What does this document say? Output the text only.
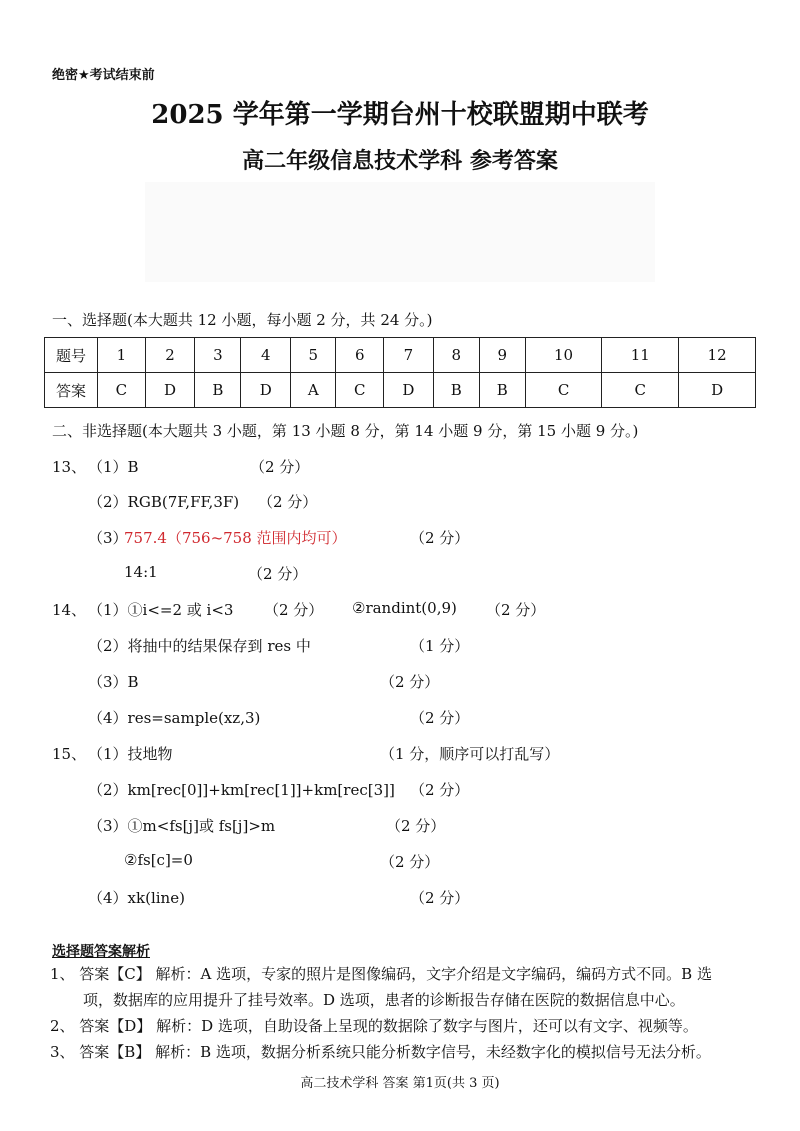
绝密★考试结束前
2025 学年第一学期台州十校联盟期中联考
高二年级信息技术学科 参考答案
一、选择题(本大题共 12 小题，每小题 2 分，共 24 分。)
题号	1	2	3	4	5	6	7	8	9	10	11	12
答案	C	D	B	D	A	C	D	B	B	C	C	D
二、非选择题(本大题共 3 小题，第 13 小题 8 分，第 14 小题 9 分，第 15 小题 9 分。)
13、 （1）B	（2 分）
（2）RGB(7F,FF,3F) （2 分）
（3）
757.4（756~758 范围内均可）	（2 分）
14:1	（2 分）
14、 （1）①i<=2 或 i<3 （2 分） ②randint(0,9) （2 分）
（2）将抽中的结果保存到 res 中	（1 分）
（3）B	（2 分）
（4）res=sample(xz,3)	（2 分）
15、 （1）技地物	（1 分，顺序可以打乱写）
（2）km[rec[0]]+km[rec[1]]+km[rec[3]] （2 分）
（3）①m<fs[j]或 fs[j]>m	（2 分）
②fs[c]=0	（2 分）
（4）xk(line)	（2 分）
选择题答案解析
1、 答案【C】 解析：A 选项，专家的照片是图像编码，文字介绍是文字编码，编码方式不同。B 选
项，数据库的应用提升了挂号效率。D 选项，患者的诊断报告存储在医院的数据信息中心。
2、 答案【D】 解析：D 选项，自助设备上呈现的数据除了数字与图片，还可以有文字、视频等。
3、 答案【B】 解析：B 选项，数据分析系统只能分析数字信号，未经数字化的模拟信号无法分析。
高二技术学科 答案 第1页(共 3 页)
